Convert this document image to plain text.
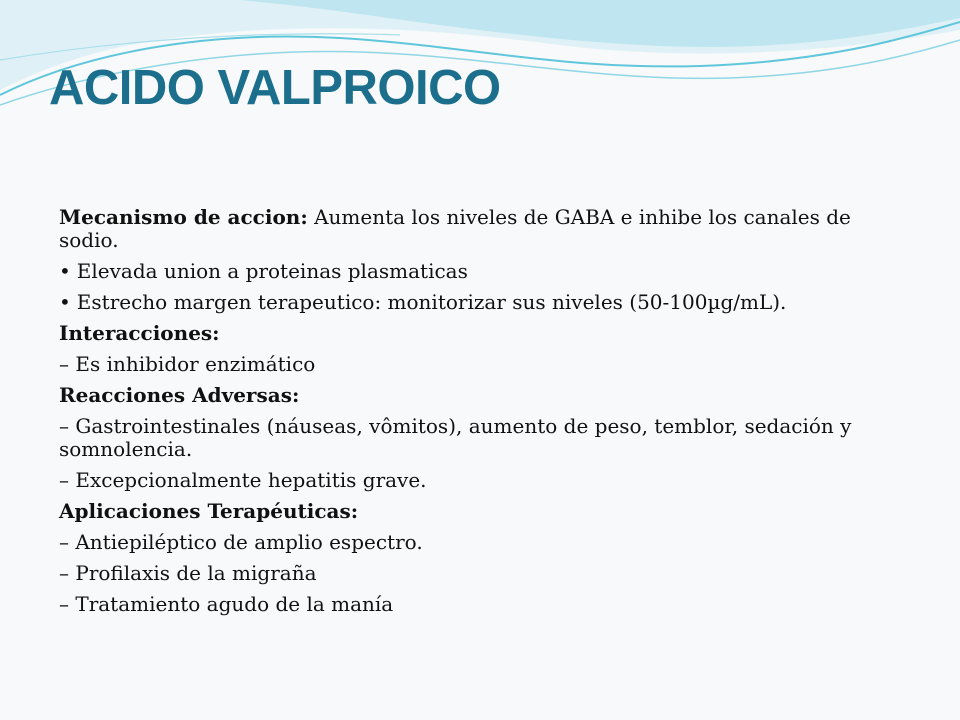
ACIDO VALPROICO

Mecanismo de accion: Aumenta los niveles de GABA e inhibe los canales de sodio.

• Elevada union a proteinas plasmaticas

• Estrecho margen terapeutico: monitorizar sus niveles (50-100µg/mL).

Interacciones:

– Es inhibidor enzimático

Reacciones Adversas:

– Gastrointestinales (náuseas, vômitos), aumento de peso, temblor, sedación y somnolencia.

– Excepcionalmente hepatitis grave.

Aplicaciones Terapéuticas:

– Antiepiléptico de amplio espectro.

– Profilaxis de la migraña

– Tratamiento agudo de la manía
